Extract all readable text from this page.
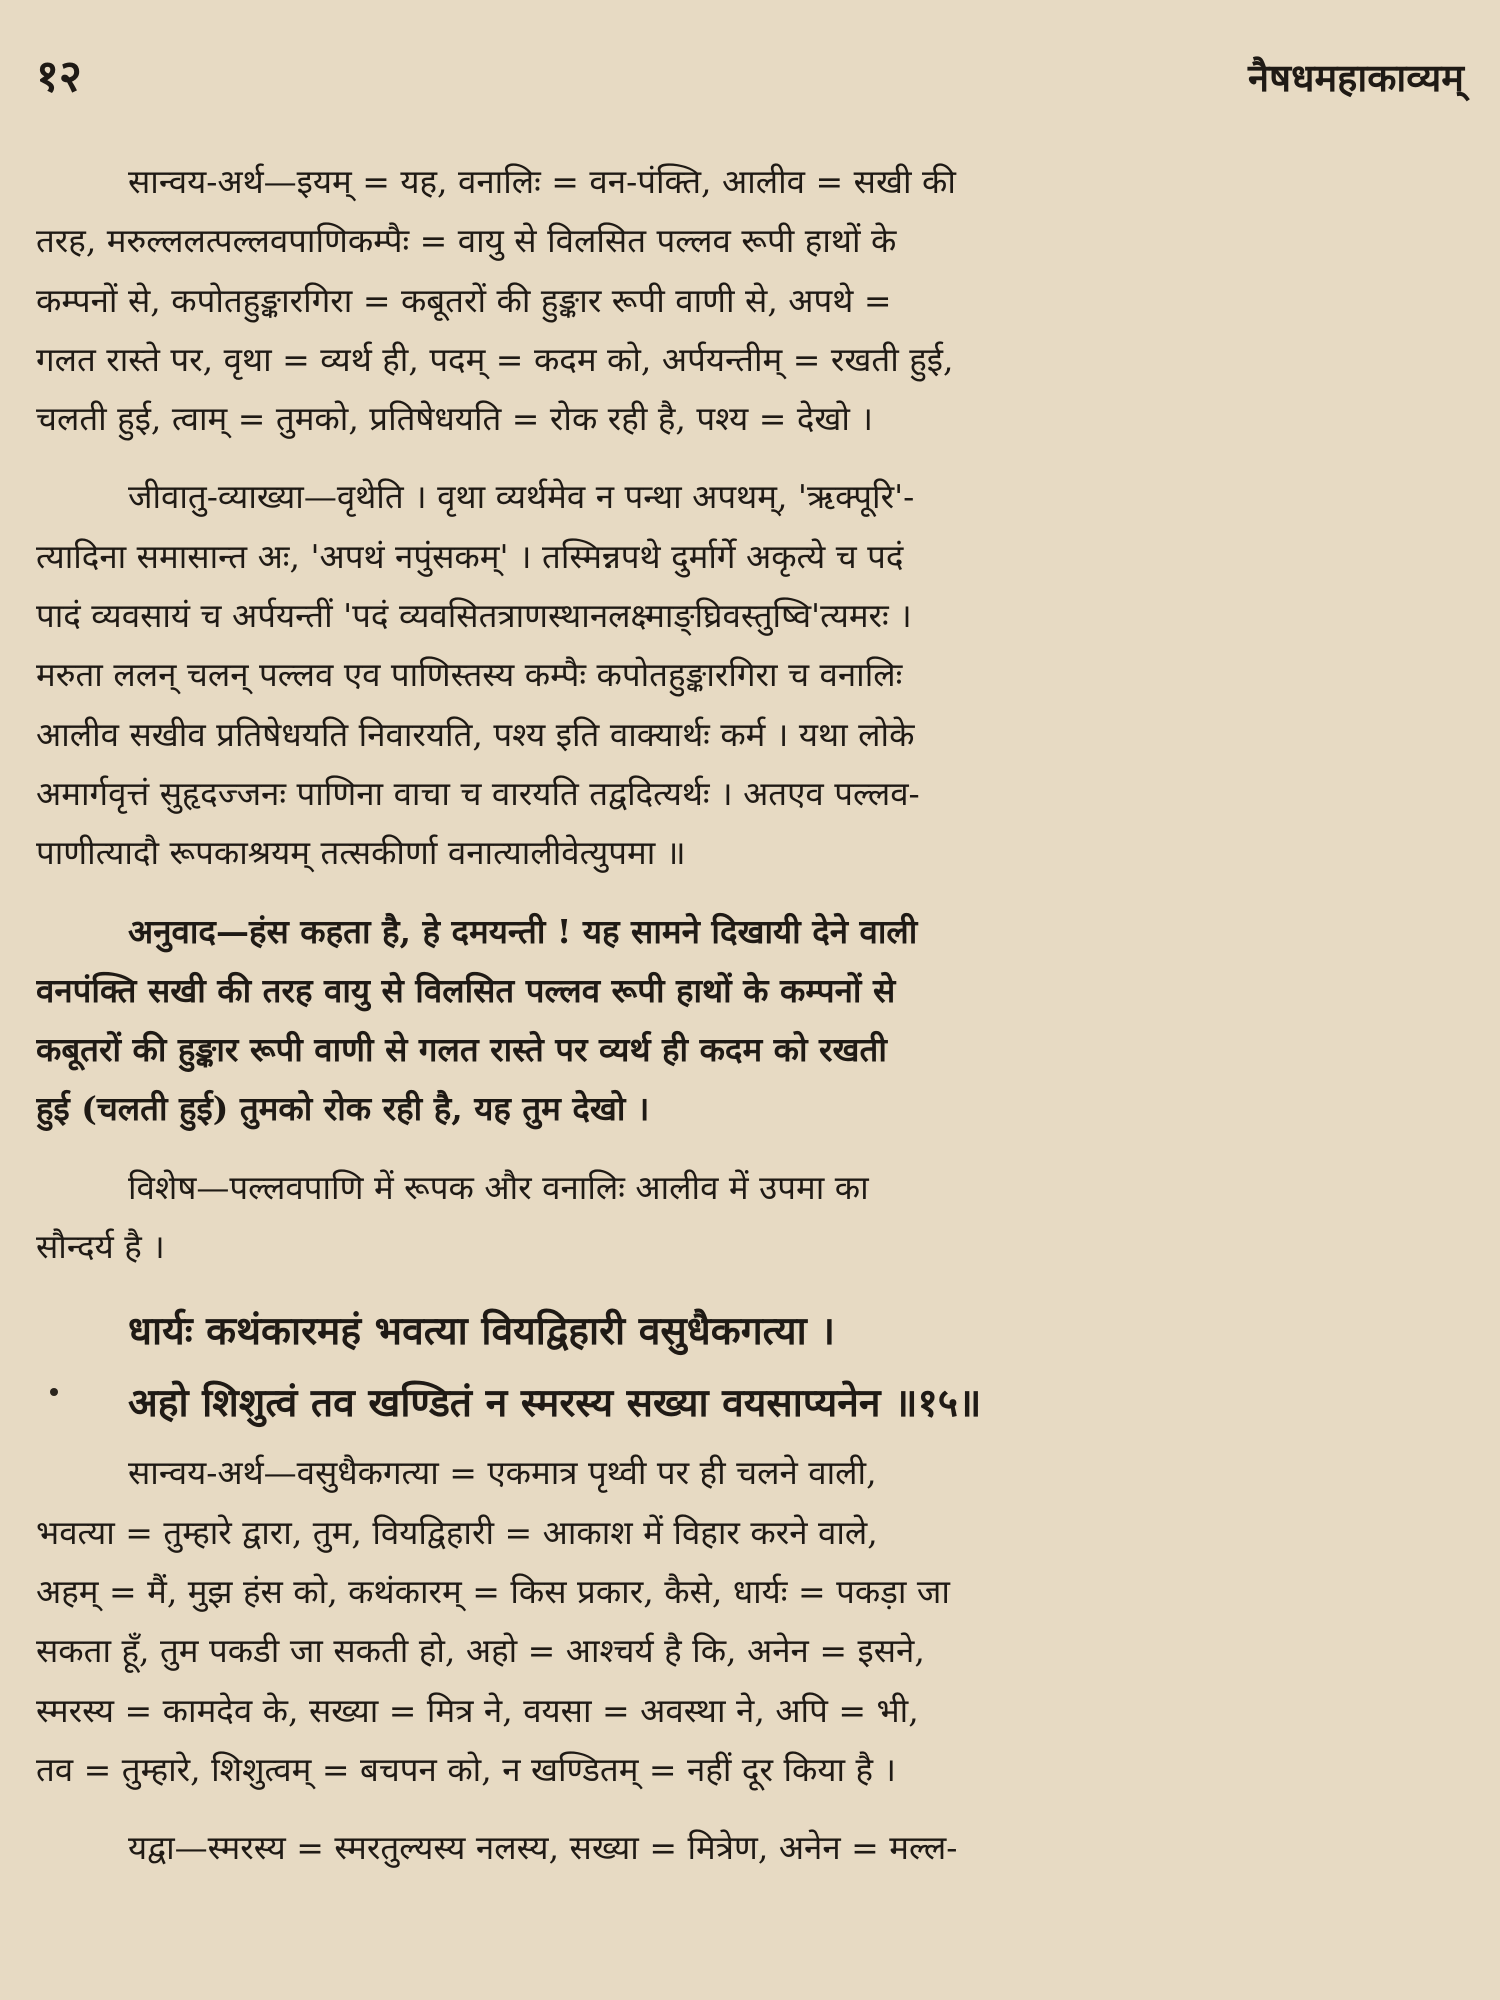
१२	नैषधमहाकाव्यम्

सान्वय-अर्थ—इयम् = यह, वनालिः = वन-पंक्ति, आलीव = सखी की
तरह, मरुल्ललत्पल्लवपाणिकम्पैः = वायु से विलसित पल्लव रूपी हाथों के
कम्पनों से, कपोतहुङ्कारगिरा = कबूतरों की हुङ्कार रूपी वाणी से, अपथे =
गलत रास्ते पर, वृथा = व्यर्थ ही, पदम् = कदम को, अर्पयन्तीम् = रखती हुई,
चलती हुई, त्वाम् = तुमको, प्रतिषेधयति = रोक रही है, पश्य = देखो ।

जीवातु-व्याख्या—वृथेति । वृथा व्यर्थमेव न पन्था अपथम्, 'ऋक्पूरि'-
त्यादिना समासान्त अः, 'अपथं नपुंसकम्' । तस्मिन्नपथे दुर्मार्गे अकृत्ये च पदं
पादं व्यवसायं च अर्पयन्तीं 'पदं व्यवसितत्राणस्थानलक्ष्माङ्घ्रिवस्तुष्वि'त्यमरः ।
मरुता ललन् चलन् पल्लव एव पाणिस्तस्य कम्पैः कपोतहुङ्कारगिरा च वनालिः
आलीव सखीव प्रतिषेधयति निवारयति, पश्य इति वाक्यार्थः कर्म । यथा लोके
अमार्गवृत्तं सुहृदज्जनः पाणिना वाचा च वारयति तद्वदित्यर्थः । अतएव पल्लव-
पाणीत्यादौ रूपकाश्रयम् तत्सकीर्णा वनात्यालीवेत्युपमा ॥

अनुवाद—हंस कहता है, हे दमयन्ती ! यह सामने दिखायी देने वाली
वनपंक्ति सखी की तरह वायु से विलसित पल्लव रूपी हाथों के कम्पनों से
कबूतरों की हुङ्कार रूपी वाणी से गलत रास्ते पर व्यर्थ ही कदम को रखती
हुई (चलती हुई) तुमको रोक रही है, यह तुम देखो ।

विशेष—पल्लवपाणि में रूपक और वनालिः आलीव में उपमा का
सौन्दर्य है ।

धार्यः कथंकारमहं भवत्या वियद्विहारी वसुधैकगत्या ।
अहो शिशुत्वं तव खण्डितं न स्मरस्य सख्या वयसाप्यनेन ॥१५॥

सान्वय-अर्थ—वसुधैकगत्या = एकमात्र पृथ्वी पर ही चलने वाली,
भवत्या = तुम्हारे द्वारा, तुम, वियद्विहारी = आकाश में विहार करने वाले,
अहम् = मैं, मुझ हंस को, कथंकारम् = किस प्रकार, कैसे, धार्यः = पकड़ा जा
सकता हूँ, तुम पकडी जा सकती हो, अहो = आश्चर्य है कि, अनेन = इसने,
स्मरस्य = कामदेव के, सख्या = मित्र ने, वयसा = अवस्था ने, अपि = भी,
तव = तुम्हारे, शिशुत्वम् = बचपन को, न खण्डितम् = नहीं दूर किया है ।

यद्वा—स्मरस्य = स्मरतुल्यस्य नलस्य, सख्या = मित्रेण, अनेन = मल्ल-
